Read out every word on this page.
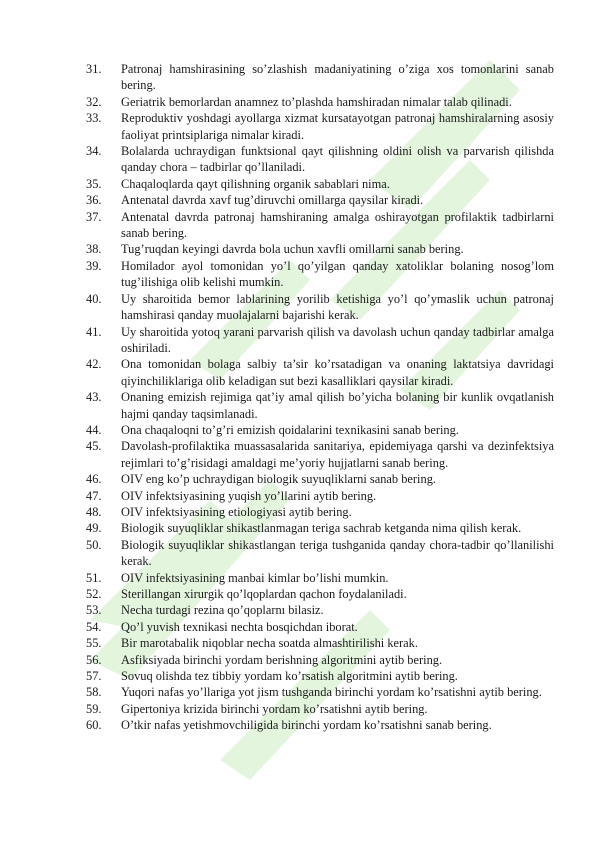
31.	Patronaj hamshirasining so’zlashish madaniyatining o’ziga xos tomonlarini sanab bering.
32.	Geriatrik bemorlardan anamnez to’plashda hamshiradan nimalar talab qilinadi.
33.	Reproduktiv yoshdagi ayollarga xizmat kursatayotgan patronaj hamshiralarning asosiy faoliyat printsiplariga nimalar kiradi.
34.	Bolalarda uchraydigan funktsional qayt qilishning oldini olish va parvarish qilishda qanday chora – tadbirlar qo’llaniladi.
35.	Chaqaloqlarda qayt qilishning organik sabablari nima.
36.	Antenatal davrda xavf tug’diruvchi omillarga qaysilar kiradi.
37.	Antenatal davrda patronaj hamshiraning amalga oshirayotgan profilaktik tadbirlarni sanab bering.
38.	Tug’ruqdan keyingi davrda bola uchun xavfli omillarni sanab bering.
39.	Homilador ayol tomonidan yo’l qo’yilgan qanday xatoliklar bolaning nosog’lom tug’ilishiga olib kelishi mumkin.
40.	Uy sharoitida bemor lablarining yorilib ketishiga yo’l qo’ymaslik uchun patronaj hamshirasi qanday muolajalarni bajarishi kerak.
41.	Uy sharoitida yotoq yarani parvarish qilish va davolash uchun qanday tadbirlar amalga oshiriladi.
42.	Ona tomonidan bolaga salbiy ta’sir ko’rsatadigan va onaning laktatsiya davridagi qiyinchiliklariga olib keladigan sut bezi kasalliklari qaysilar kiradi.
43.	Onaning emizish rejimiga qat’iy amal qilish bo’yicha bolaning bir kunlik ovqatlanish hajmi qanday taqsimlanadi.
44.	Ona chaqaloqni to’g’ri emizish qoidalarini texnikasini sanab bering.
45.	Davolash-profilaktika muassasalarida sanitariya, epidemiyaga qarshi va dezinfektsiya rejimlari to’g’risidagi amaldagi me’yoriy hujjatlarni sanab bering.
46.	OIV eng ko’p uchraydigan biologik suyuqliklarni sanab bering.
47.	OIV infektsiyasining yuqish yo’llarini aytib bering.
48.	OIV infektsiyasining etiologiyasi aytib bering.
49.	Biologik suyuqliklar shikastlanmagan teriga sachrab ketganda nima qilish kerak.
50.	Biologik suyuqliklar shikastlangan teriga tushganida qanday chora-tadbir qo’llanilishi kerak.
51.	OIV infektsiyasining manbai kimlar bo’lishi mumkin.
52.	Sterillangan xirurgik qo’lqoplardan qachon foydalaniladi.
53.	Necha turdagi rezina qo’qoplarnı bilasiz.
54.	Qo’l yuvish texnikasi nechta bosqichdan iborat.
55.	Bir marotabalik niqoblar necha soatda almashtirilishi kerak.
56.	Asfiksiyada birinchi yordam berishning algoritmini aytib bering.
57.	Sovuq olishda tez tibbiy yordam ko’rsatish algoritmini aytib bering.
58.	Yuqori nafas yo’llariga yot jism tushganda birinchi yordam ko’rsatishni aytib bering.
59.	Gipertoniya krizida birinchi yordam ko’rsatishni aytib bering.
60.	O’tkir nafas yetishmovchiligida birinchi yordam ko’rsatishni sanab bering.
